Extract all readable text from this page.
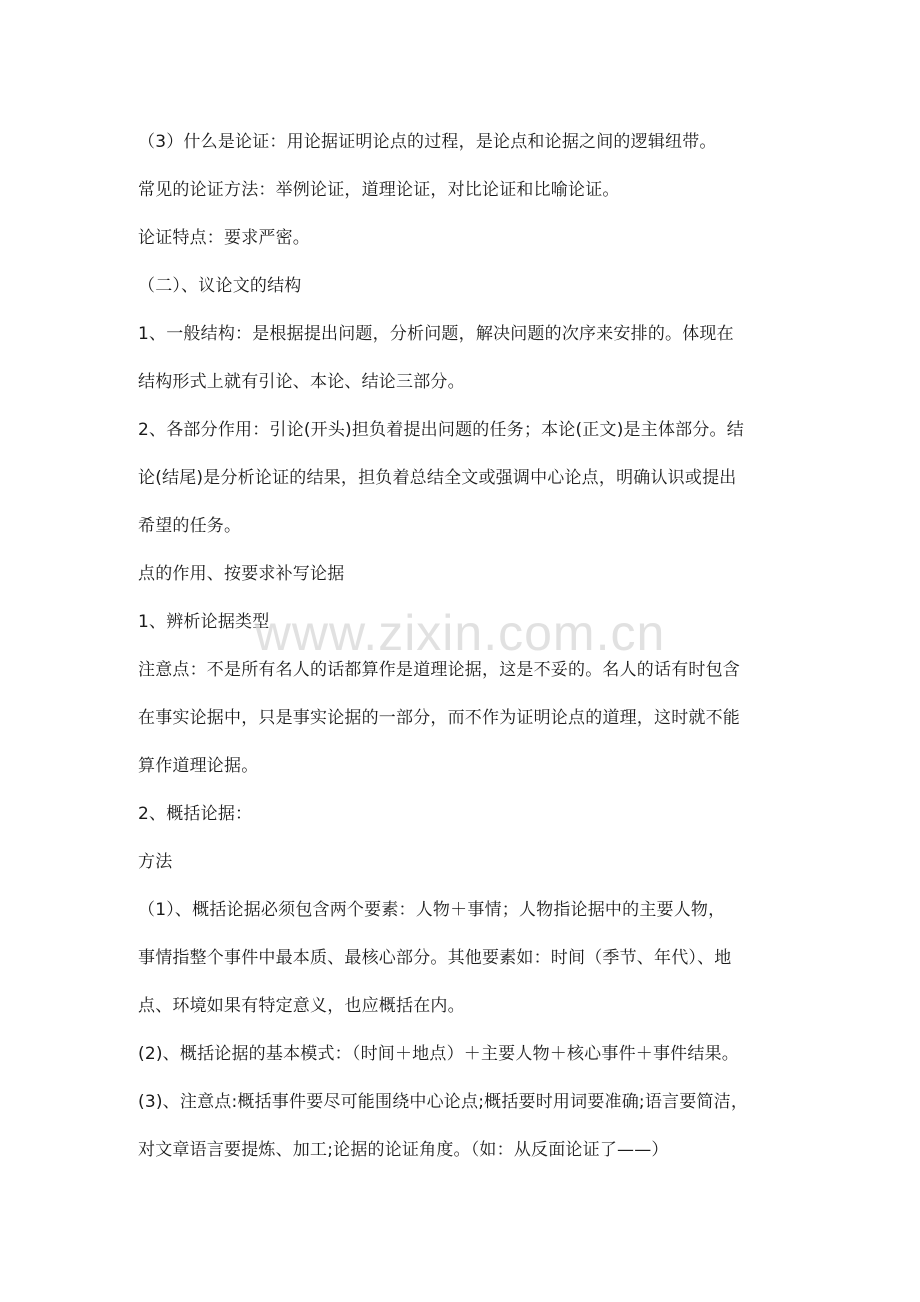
（3）什么是论证：用论据证明论点的过程，是论点和论据之间的逻辑纽带。
常见的论证方法：举例论证，道理论证，对比论证和比喻论证。
论证特点：要求严密。
（二）、议论文的结构
1、一般结构：是根据提出问题，分析问题，解决问题的次序来安排的。体现在
结构形式上就有引论、本论、结论三部分。
2、各部分作用：引论(开头)担负着提出问题的任务；本论(正文)是主体部分。结
论(结尾)是分析论证的结果，担负着总结全文或强调中心论点，明确认识或提出
希望的任务。
点的作用、按要求补写论据
1、辨析论据类型
注意点：不是所有名人的话都算作是道理论据，这是不妥的。名人的话有时包含
在事实论据中，只是事实论据的一部分，而不作为证明论点的道理，这时就不能
算作道理论据。
2、概括论据：
方法
（1）、概括论据必须包含两个要素：人物＋事情；人物指论据中的主要人物，
事情指整个事件中最本质、最核心部分。其他要素如：时间（季节、年代）、地
点、环境如果有特定意义，也应概括在内。
(2)、概括论据的基本模式：（时间＋地点）＋主要人物＋核心事件＋事件结果。
(3)、注意点:概括事件要尽可能围绕中心论点;概括要时用词要准确;语言要简洁，
对文章语言要提炼、加工;论据的论证角度。（如：从反面论证了——）
www.zixin.com.cn
